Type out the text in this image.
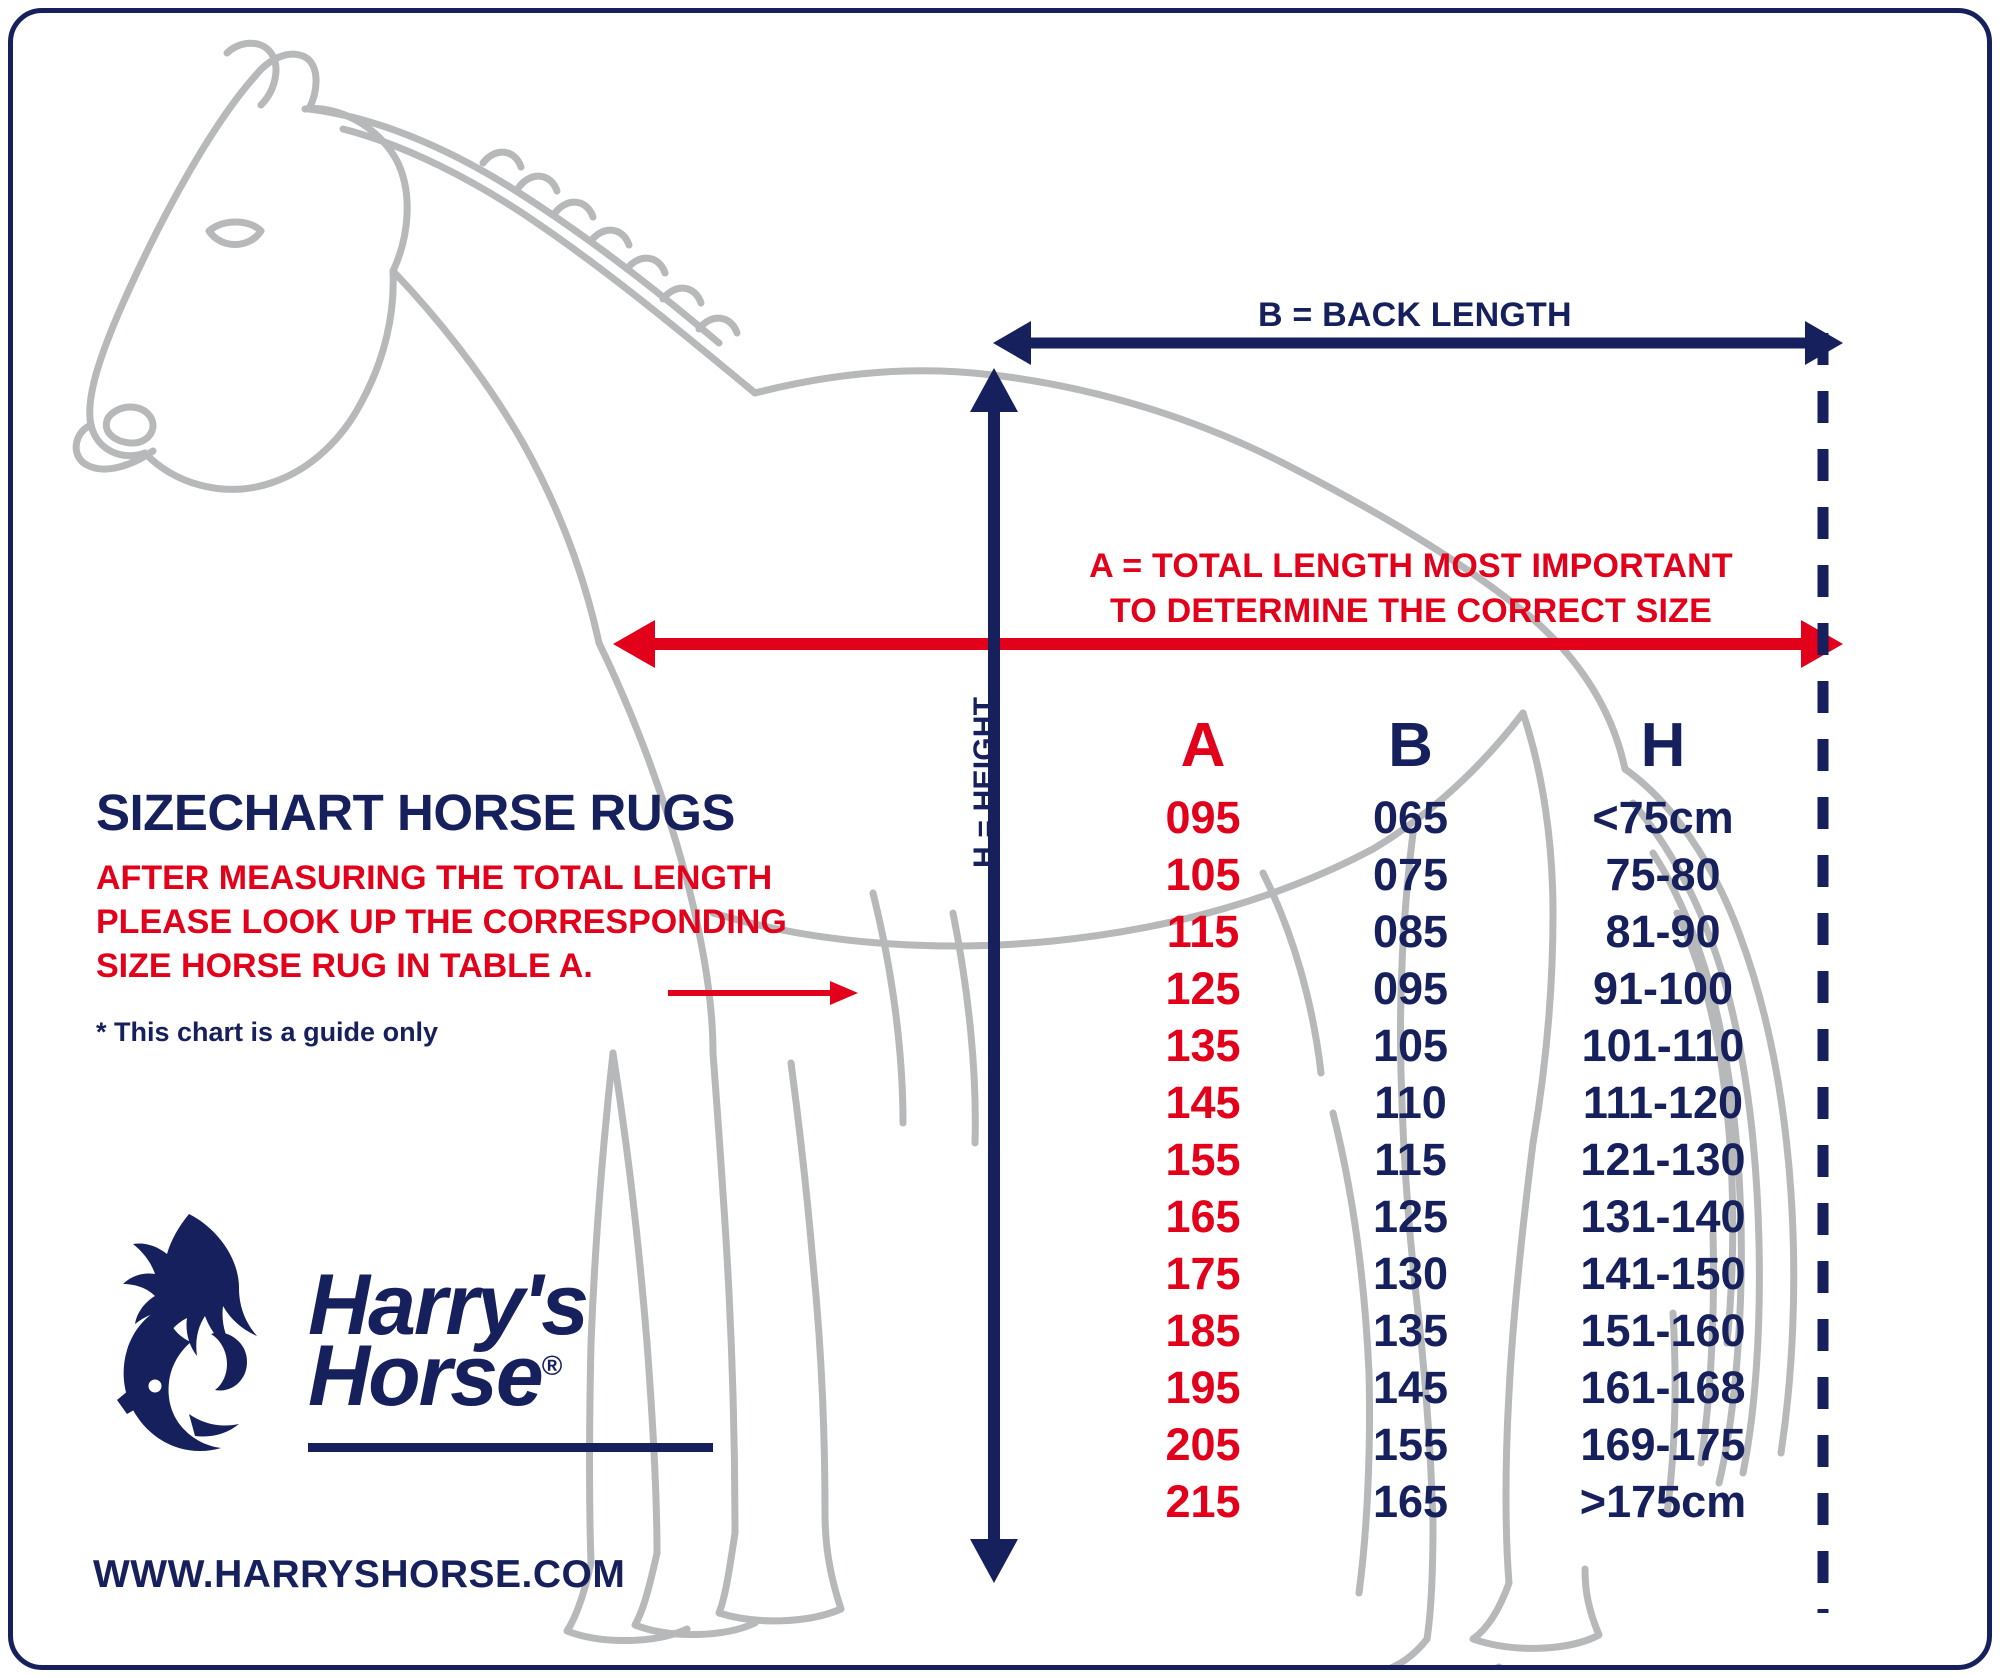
B = BACK LENGTH
A = TOTAL LENGTH MOST IMPORTANT
TO DETERMINE THE CORRECT SIZE
H = HEIGHT
SIZECHART HORSE RUGS
AFTER MEASURING THE TOTAL LENGTH
PLEASE LOOK UP THE CORRESPONDING
SIZE HORSE RUG IN TABLE A.
* This chart is a guide only
A	B	H
095	065	<75cm
105	075	75-80
115	085	81-90
125	095	91-100
135	105	101-110
145	110	111-120
155	115	121-130
165	125	131-140
175	130	141-150
185	135	151-160
195	145	161-168
205	155	169-175
215	165	>175cm
Harry's
Horse®
WWW.HARRYSHORSE.COM
